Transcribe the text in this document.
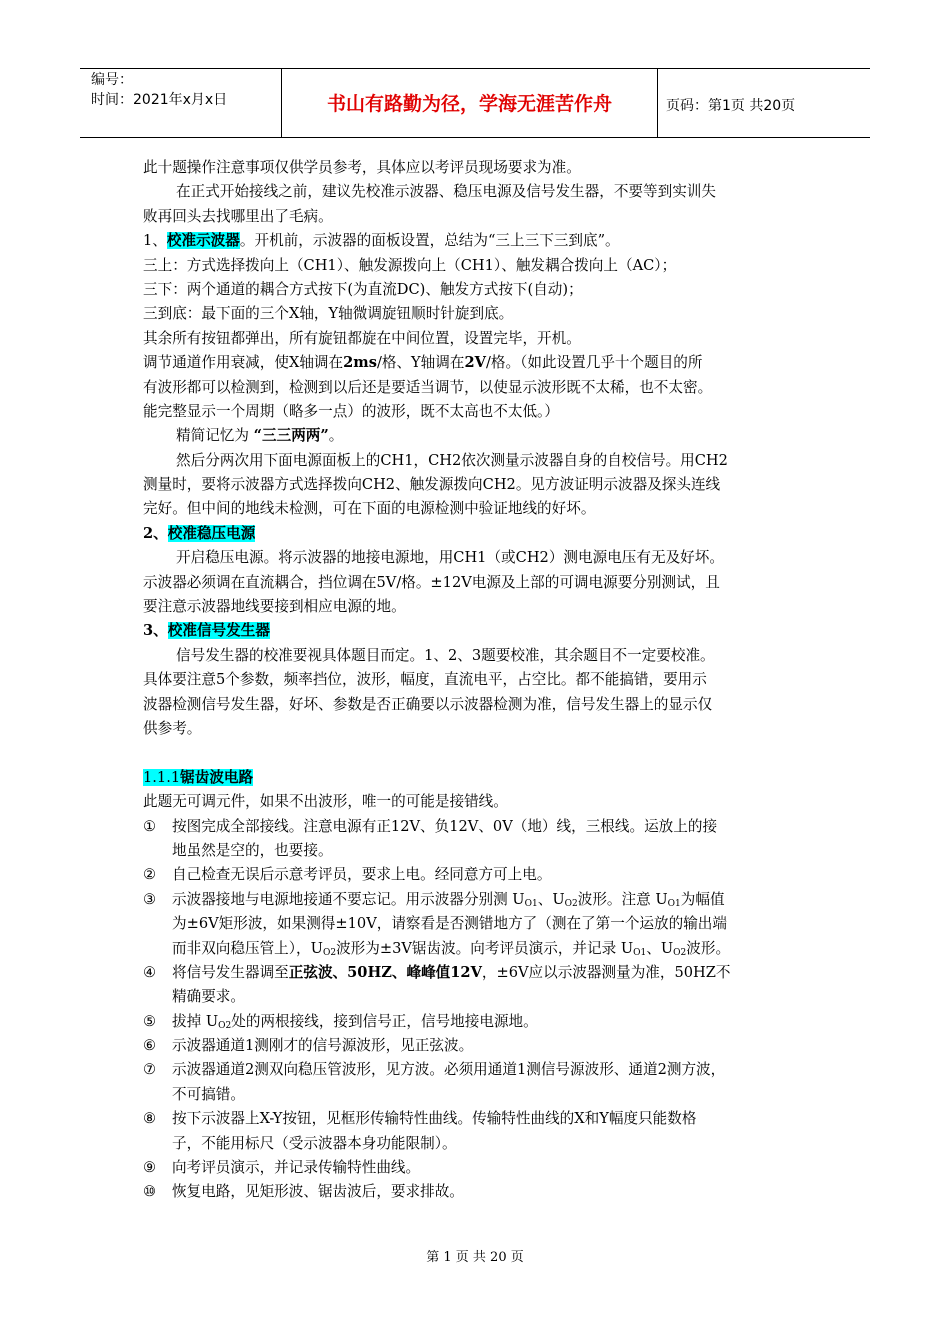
编号：
时间：2021年x月x日	书山有路勤为径，学海无涯苦作舟	页码：第1页 共20页
此十题操作注意事项仅供学员参考，具体应以考评员现场要求为准。
在正式开始接线之前，建议先校准示波器、稳压电源及信号发生器，不要等到实训失
败再回头去找哪里出了毛病。
1、校准示波器。开机前，示波器的面板设置，总结为“三上三下三到底”。
三上：方式选择拨向上（CH1）、触发源拨向上（CH1）、触发耦合拨向上（AC）；
三下：两个通道的耦合方式按下(为直流DC)、触发方式按下(自动)；
三到底：最下面的三个X轴，Y轴微调旋钮顺时针旋到底。
其余所有按钮都弹出，所有旋钮都旋在中间位置，设置完毕，开机。
调节通道作用衰减，使X轴调在2ms/格、Y轴调在2V/格。（如此设置几乎十个题目的所
有波形都可以检测到，检测到以后还是要适当调节，以使显示波形既不太稀，也不太密。
能完整显示一个周期（略多一点）的波形，既不太高也不太低。）
精简记忆为 “三三两两”。
然后分两次用下面电源面板上的CH1，CH2依次测量示波器自身的自校信号。用CH2
测量时，要将示波器方式选择拨向CH2、触发源拨向CH2。见方波证明示波器及探头连线
完好。但中间的地线未检测，可在下面的电源检测中验证地线的好坏。
2、校准稳压电源
开启稳压电源。将示波器的地接电源地，用CH1（或CH2）测电源电压有无及好坏。
示波器必须调在直流耦合，挡位调在5V/格。±12V电源及上部的可调电源要分别测试，且
要注意示波器地线要接到相应电源的地。
3、校准信号发生器
信号发生器的校准要视具体题目而定。1、2、3题要校准，其余题目不一定要校准。
具体要注意5个参数，频率挡位，波形，幅度，直流电平，占空比。都不能搞错，要用示
波器检测信号发生器，好坏、参数是否正确要以示波器检测为准，信号发生器上的显示仅
供参考。
1.1.1锯齿波电路
此题无可调元件，如果不出波形，唯一的可能是接错线。
① 按图完成全部接线。注意电源有正12V、负12V、0V（地）线，三根线。运放上的接
地虽然是空的，也要接。
② 自己检查无误后示意考评员，要求上电。经同意方可上电。
③ 示波器接地与电源地接通不要忘记。用示波器分别测 $U_{O1}$、$U_{O2}$波形。注意 $U_{O1}$为幅值
为±6V矩形波，如果测得±10V，请察看是否测错地方了（测在了第一个运放的输出端
而非双向稳压管上），$U_{O2}$波形为±3V锯齿波。向考评员演示，并记录 $U_{O1}$、$U_{O2}$波形。
④ 将信号发生器调至正弦波、50HZ、峰峰值12V，±6V应以示波器测量为准，50HZ不
精确要求。
⑤ 拔掉 $U_{O2}$处的两根接线，接到信号正，信号地接电源地。
⑥ 示波器通道1测刚才的信号源波形，见正弦波。
⑦ 示波器通道2测双向稳压管波形，见方波。必须用通道1测信号源波形、通道2测方波，
不可搞错。
⑧ 按下示波器上X-Y按钮，见框形传输特性曲线。传输特性曲线的X和Y幅度只能数格
子，不能用标尺（受示波器本身功能限制）。
⑨ 向考评员演示，并记录传输特性曲线。
⑩ 恢复电路，见矩形波、锯齿波后，要求排故。
第 1 页 共 20 页
